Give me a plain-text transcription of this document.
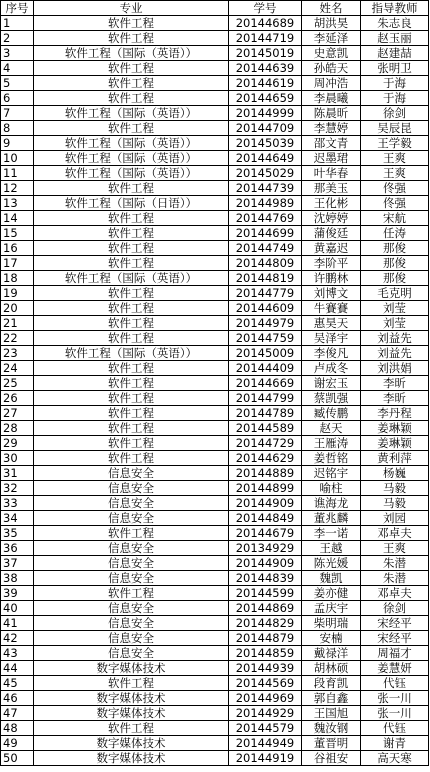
序号	专业	学号	姓名	指导教师
1	软件工程	20144689	胡洪昊	朱志良
2	软件工程	20144719	李延泽	赵玉丽
3	软件工程（国际（英语））	20145019	史意凯	赵建喆
4	软件工程	20144639	孙皓天	张明卫
5	软件工程	20144619	周冲浩	于海
6	软件工程	20144659	李晨曦	于海
7	软件工程（国际（英语））	20144999	陈晨昕	徐剑
8	软件工程	20144709	李慧婷	吴辰昆
9	软件工程（国际（英语））	20145039	邵文青	王学毅
10	软件工程（国际（英语））	20144649	迟墨珺	王爽
11	软件工程（国际（英语））	20145029	叶华春	王爽
12	软件工程	20144739	那美玉	佟强
13	软件工程（国际（日语））	20144989	王化彬	佟强
14	软件工程	20144769	沈婷婷	宋航
15	软件工程	20144699	蒲俊廷	任涛
16	软件工程	20144749	黄嘉迟	那俊
17	软件工程	20144809	李阶平	那俊
18	软件工程（国际（英语））	20144819	许鹏林	那俊
19	软件工程	20144779	刘博文	毛克明
20	软件工程	20144609	牛賽賽	刘莹
21	软件工程	20144979	惠昊天	刘莹
22	软件工程	20144759	吴泽宇	刘益先
23	软件工程（国际（英语））	20145009	李俊凡	刘益先
24	软件工程	20144409	卢成冬	刘洪娟
25	软件工程	20144669	谢宏玉	李昕
26	软件工程	20144799	蔡凯强	李昕
27	软件工程	20144789	臧传鹏	李丹程
28	软件工程	20144589	赵天	姜琳颖
29	软件工程	20144729	王雁涛	姜琳颖
30	软件工程	20144629	姜哲铭	黄利萍
31	信息安全	20144889	迟铭宇	杨巍
32	信息安全	20144899	喻柱	马毅
33	信息安全	20144909	谯海龙	马毅
34	信息安全	20144849	董兆麟	刘园
35	软件工程	20144679	李一诺	邓卓夫
36	信息安全	20134929	王越	王爽
37	信息安全	20144909	陈光媛	朱潜
38	信息安全	20144839	魏凯	朱潜
39	软件工程	20144599	姜亦健	邓卓夫
40	信息安全	20144869	孟庆宇	徐剑
41	信息安全	20144829	柴明瑞	宋经平
42	信息安全	20144879	安楠	宋经平
43	信息安全	20144859	戴禄洋	周福才
44	数字媒体技术	20144939	胡林硕	姜慧妍
45	软件工程	20144569	段育凯	代钰
46	数字媒体技术	20144969	郭自鑫	张一川
47	数字媒体技术	20144929	王国旭	张一川
48	软件工程	20144579	魏汝钢	代钰
49	数字媒体技术	20144949	董晋明	谢青
50	数字媒体技术	20144919	谷祖安	高天寒
